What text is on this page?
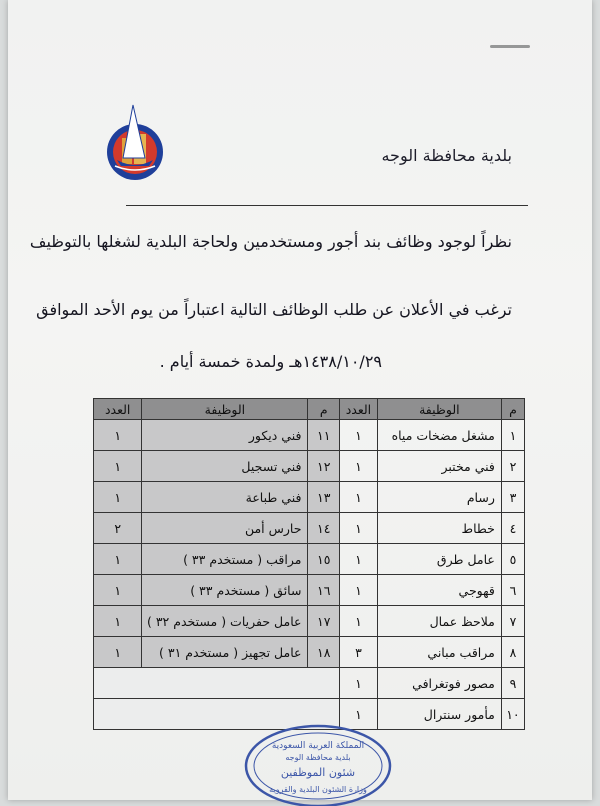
بلدية محافظة الوجه
نظراً لوجود وظائف بند أجور ومستخدمين ولحاجة البلدية لشغلها بالتوظيف
ترغب في الأعلان عن طلب الوظائف التالية اعتباراً من يوم الأحد الموافق
١٤٣٨/١٠/٢٩هـ ولمدة خمسة أيام .
م	الوظيفة	العدد	م	الوظيفة	العدد
١	مشغل مضخات مياه	١	١١	فني ديكور	١
٢	فني مختبر	١	١٢	فني تسجيل	١
٣	رسام	١	١٣	فني طباعة	١
٤	خطاط	١	١٤	حارس أمن	٢
٥	عامل طرق	١	١٥	مراقب ( مستخدم ٣٣ )	١
٦	قهوجي	١	١٦	سائق ( مستخدم ٣٣ )	١
٧	ملاحظ عمال	١	١٧	عامل حفريات ( مستخدم ٣٢ )	١
٨	مراقب مباني	٣	١٨	عامل تجهيز ( مستخدم ٣١ )	١
٩	مصور فوتغرافي	١			
١٠	مأمور سنترال	١			
المملكة العربية السعودية
بلدية محافظة الوجه
شئون الموظفين
وزارة الشئون البلدية والقروية
